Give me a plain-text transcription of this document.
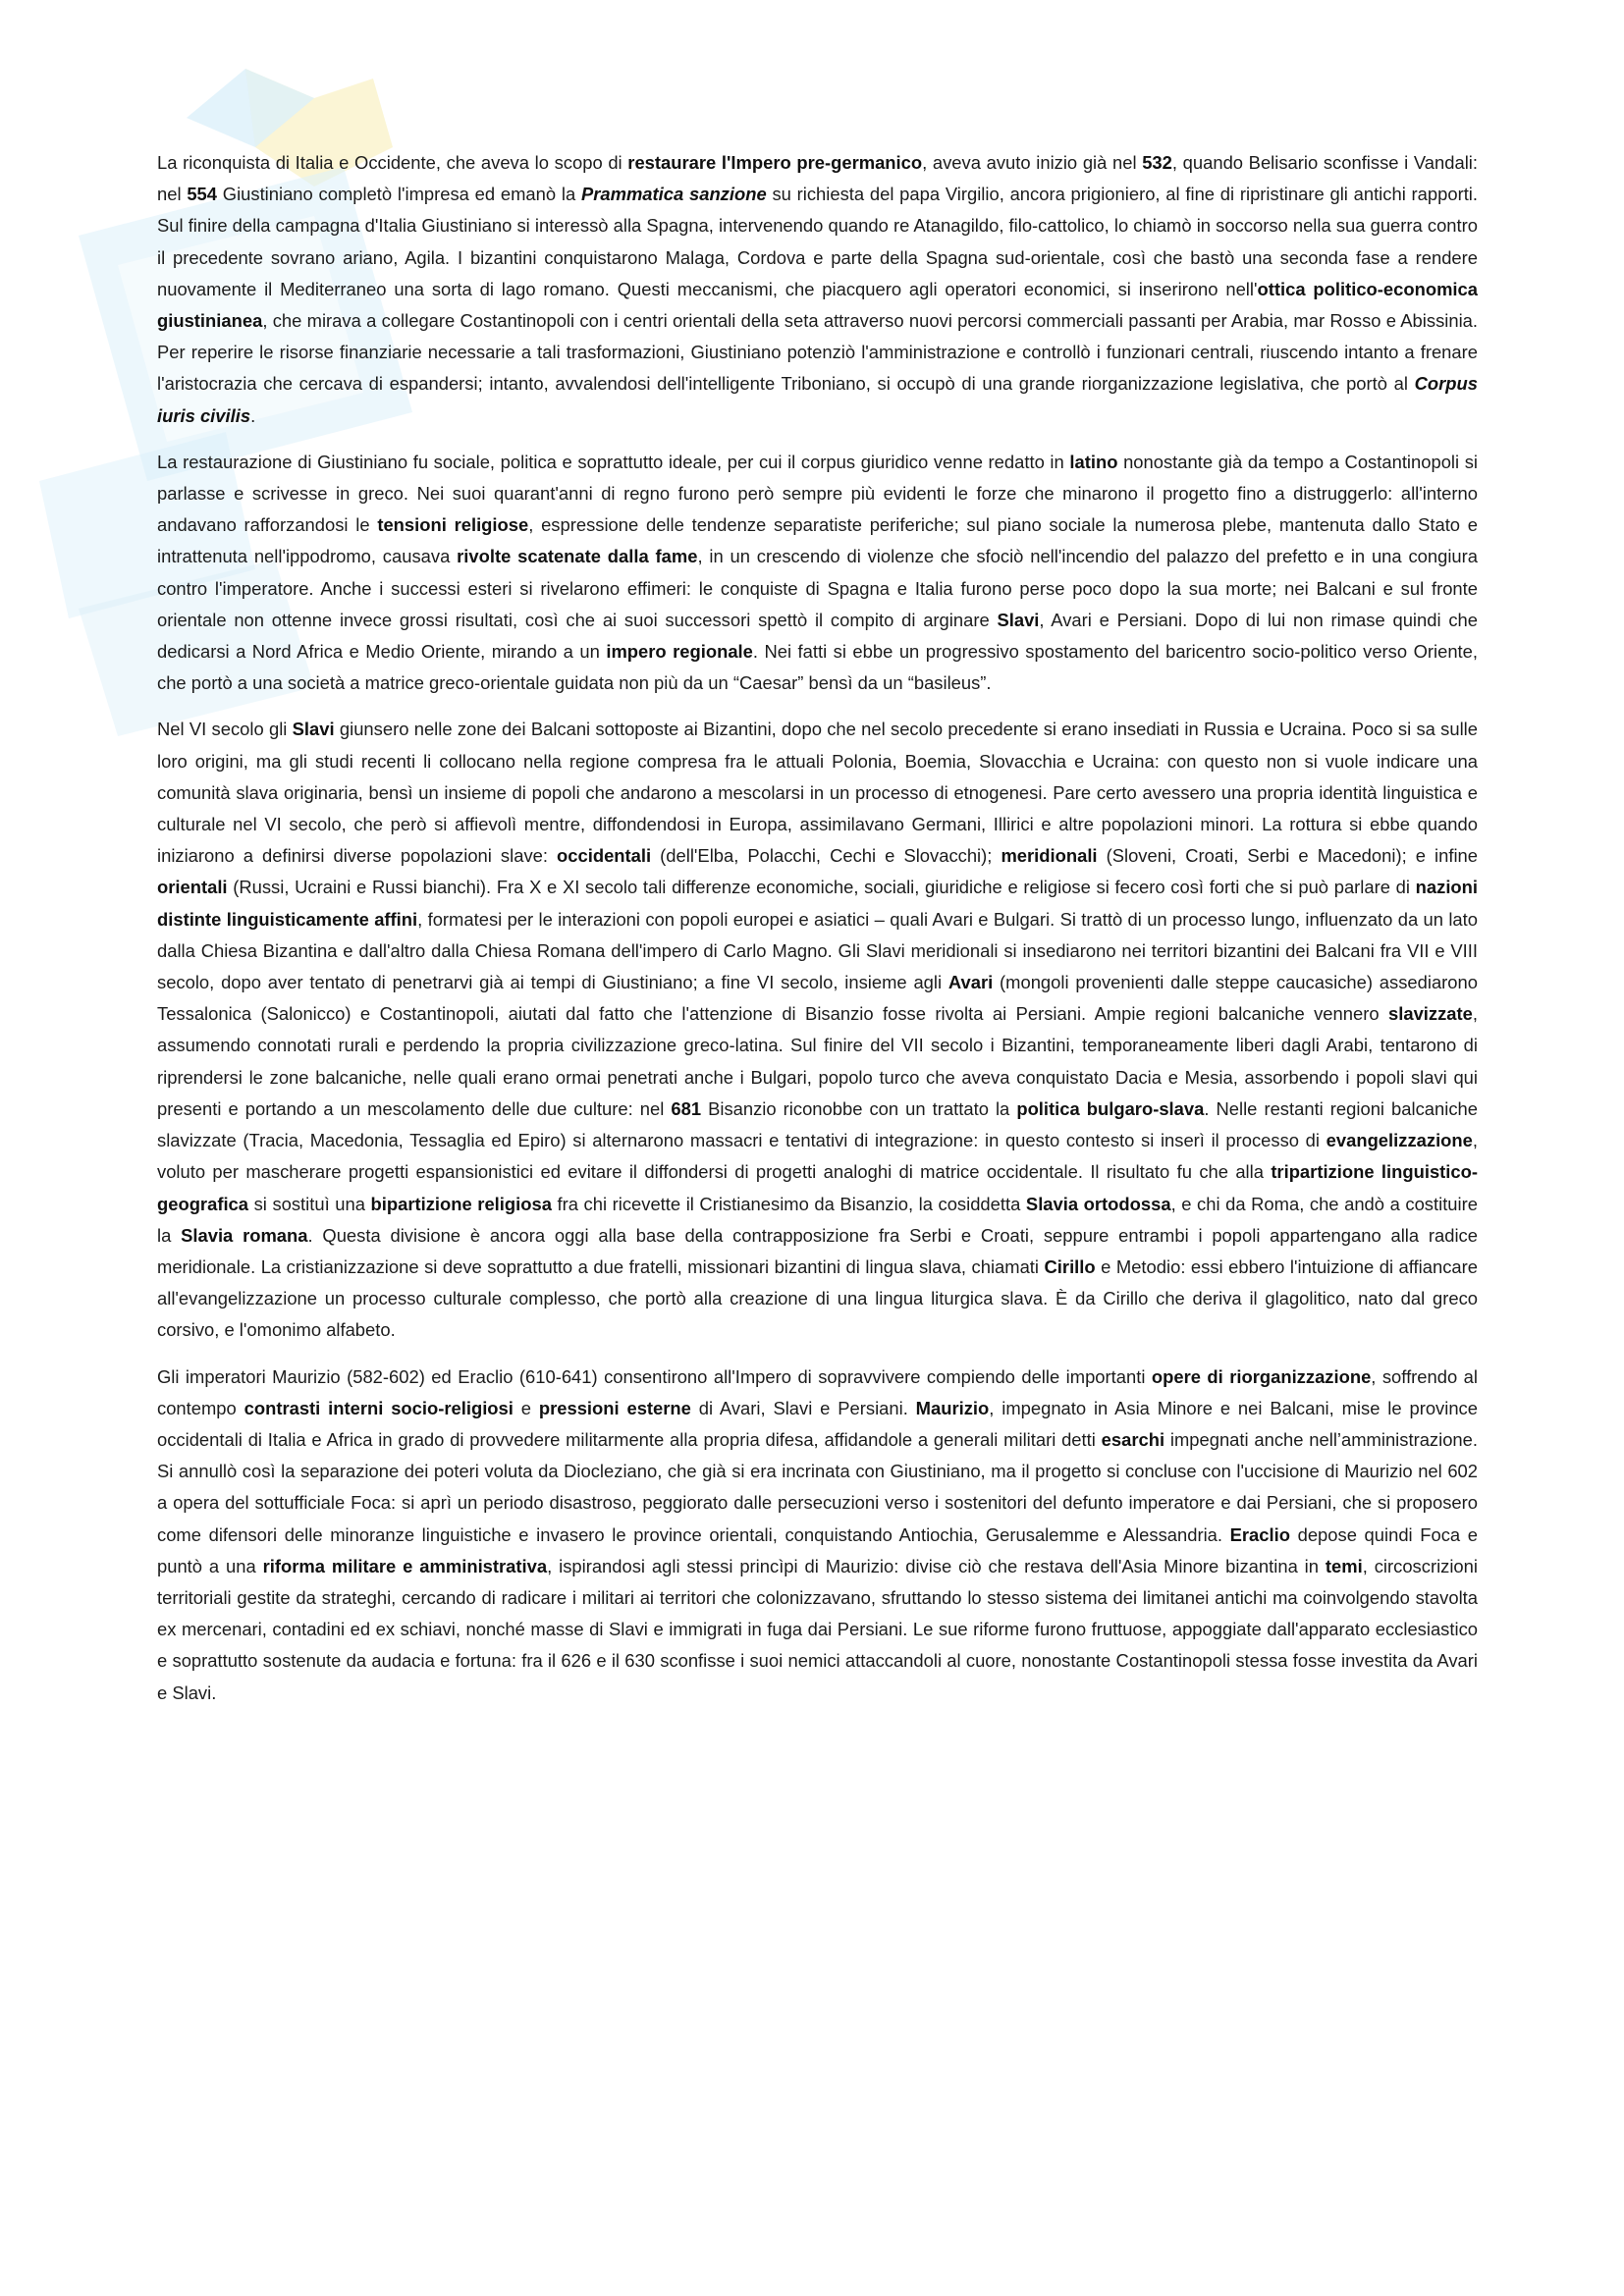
La riconquista di Italia e Occidente, che aveva lo scopo di restaurare l'Impero pre-germanico, aveva avuto inizio già nel 532, quando Belisario sconfisse i Vandali: nel 554 Giustiniano completò l'impresa ed emanò la Prammatica sanzione su richiesta del papa Virgilio, ancora prigioniero, al fine di ripristinare gli antichi rapporti. Sul finire della campagna d'Italia Giustiniano si interessò alla Spagna, intervenendo quando re Atanagildo, filo-cattolico, lo chiamò in soccorso nella sua guerra contro il precedente sovrano ariano, Agila. I bizantini conquistarono Malaga, Cordova e parte della Spagna sud-orientale, così che bastò una seconda fase a rendere nuovamente il Mediterraneo una sorta di lago romano. Questi meccanismi, che piacquero agli operatori economici, si inserirono nell'ottica politico-economica giustinianea, che mirava a collegare Costantinopoli con i centri orientali della seta attraverso nuovi percorsi commerciali passanti per Arabia, mar Rosso e Abissinia. Per reperire le risorse finanziarie necessarie a tali trasformazioni, Giustiniano potenziò l'amministrazione e controllò i funzionari centrali, riuscendo intanto a frenare l'aristocrazia che cercava di espandersi; intanto, avvalendosi dell'intelligente Triboniano, si occupò di una grande riorganizzazione legislativa, che portò al Corpus iuris civilis.

La restaurazione di Giustiniano fu sociale, politica e soprattutto ideale, per cui il corpus giuridico venne redatto in latino nonostante già da tempo a Costantinopoli si parlasse e scrivesse in greco. Nei suoi quarant'anni di regno furono però sempre più evidenti le forze che minarono il progetto fino a distruggerlo: all'interno andavano rafforzandosi le tensioni religiose, espressione delle tendenze separatiste periferiche; sul piano sociale la numerosa plebe, mantenuta dallo Stato e intrattenuta nell'ippodromo, causava rivolte scatenate dalla fame, in un crescendo di violenze che sfociò nell'incendio del palazzo del prefetto e in una congiura contro l'imperatore. Anche i successi esteri si rivelarono effimeri: le conquiste di Spagna e Italia furono perse poco dopo la sua morte; nei Balcani e sul fronte orientale non ottenne invece grossi risultati, così che ai suoi successori spettò il compito di arginare Slavi, Avari e Persiani. Dopo di lui non rimase quindi che dedicarsi a Nord Africa e Medio Oriente, mirando a un impero regionale. Nei fatti si ebbe un progressivo spostamento del baricentro socio-politico verso Oriente, che portò a una società a matrice greco-orientale guidata non più da un “Caesar” bensì da un “basileus”.

Nel VI secolo gli Slavi giunsero nelle zone dei Balcani sottoposte ai Bizantini, dopo che nel secolo precedente si erano insediati in Russia e Ucraina. Poco si sa sulle loro origini, ma gli studi recenti li collocano nella regione compresa fra le attuali Polonia, Boemia, Slovacchia e Ucraina: con questo non si vuole indicare una comunità slava originaria, bensì un insieme di popoli che andarono a mescolarsi in un processo di etnogenesi. Pare certo avessero una propria identità linguistica e culturale nel VI secolo, che però si affievolì mentre, diffondendosi in Europa, assimilavano Germani, Illirici e altre popolazioni minori. La rottura si ebbe quando iniziarono a definirsi diverse popolazioni slave: occidentali (dell'Elba, Polacchi, Cechi e Slovacchi); meridionali (Sloveni, Croati, Serbi e Macedoni); e infine orientali (Russi, Ucraini e Russi bianchi). Fra X e XI secolo tali differenze economiche, sociali, giuridiche e religiose si fecero così forti che si può parlare di nazioni distinte linguisticamente affini, formatesi per le interazioni con popoli europei e asiatici – quali Avari e Bulgari. Si trattò di un processo lungo, influenzato da un lato dalla Chiesa Bizantina e dall'altro dalla Chiesa Romana dell'impero di Carlo Magno. Gli Slavi meridionali si insediarono nei territori bizantini dei Balcani fra VII e VIII secolo, dopo aver tentato di penetrarvi già ai tempi di Giustiniano; a fine VI secolo, insieme agli Avari (mongoli provenienti dalle steppe caucasiche) assediarono Tessalonica (Salonicco) e Costantinopoli, aiutati dal fatto che l'attenzione di Bisanzio fosse rivolta ai Persiani. Ampie regioni balcaniche vennero slavizzate, assumendo connotati rurali e perdendo la propria civilizzazione greco-latina. Sul finire del VII secolo i Bizantini, temporaneamente liberi dagli Arabi, tentarono di riprendersi le zone balcaniche, nelle quali erano ormai penetrati anche i Bulgari, popolo turco che aveva conquistato Dacia e Mesia, assorbendo i popoli slavi qui presenti e portando a un mescolamento delle due culture: nel 681 Bisanzio riconobbe con un trattato la politica bulgaro-slava. Nelle restanti regioni balcaniche slavizzate (Tracia, Macedonia, Tessaglia ed Epiro) si alternarono massacri e tentativi di integrazione: in questo contesto si inserì il processo di evangelizzazione, voluto per mascherare progetti espansionistici ed evitare il diffondersi di progetti analoghi di matrice occidentale. Il risultato fu che alla tripartizione linguistico-geografica si sostituì una bipartizione religiosa fra chi ricevette il Cristianesimo da Bisanzio, la cosiddetta Slavia ortodossa, e chi da Roma, che andò a costituire la Slavia romana. Questa divisione è ancora oggi alla base della contrapposizione fra Serbi e Croati, seppure entrambi i popoli appartengano alla radice meridionale. La cristianizzazione si deve soprattutto a due fratelli, missionari bizantini di lingua slava, chiamati Cirillo e Metodio: essi ebbero l'intuizione di affiancare all'evangelizzazione un processo culturale complesso, che portò alla creazione di una lingua liturgica slava. È da Cirillo che deriva il glagolitico, nato dal greco corsivo, e l'omonimo alfabeto.

Gli imperatori Maurizio (582-602) ed Eraclio (610-641) consentirono all'Impero di sopravvivere compiendo delle importanti opere di riorganizzazione, soffrendo al contempo contrasti interni socio-religiosi e pressioni esterne di Avari, Slavi e Persiani. Maurizio, impegnato in Asia Minore e nei Balcani, mise le province occidentali di Italia e Africa in grado di provvedere militarmente alla propria difesa, affidandole a generali militari detti esarchi impegnati anche nell’amministrazione. Si annullò così la separazione dei poteri voluta da Diocleziano, che già si era incrinata con Giustiniano, ma il progetto si concluse con l'uccisione di Maurizio nel 602 a opera del sottufficiale Foca: si aprì un periodo disastroso, peggiorato dalle persecuzioni verso i sostenitori del defunto imperatore e dai Persiani, che si proposero come difensori delle minoranze linguistiche e invasero le province orientali, conquistando Antiochia, Gerusalemme e Alessandria. Eraclio depose quindi Foca e puntò a una riforma militare e amministrativa, ispirandosi agli stessi princìpi di Maurizio: divise ciò che restava dell'Asia Minore bizantina in temi, circoscrizioni territoriali gestite da strateghi, cercando di radicare i militari ai territori che colonizzavano, sfruttando lo stesso sistema dei limitanei antichi ma coinvolgendo stavolta ex mercenari, contadini ed ex schiavi, nonché masse di Slavi e immigrati in fuga dai Persiani. Le sue riforme furono fruttuose, appoggiate dall'apparato ecclesiastico e soprattutto sostenute da audacia e fortuna: fra il 626 e il 630 sconfisse i suoi nemici attaccandoli al cuore, nonostante Costantinopoli stessa fosse investita da Avari e Slavi.
